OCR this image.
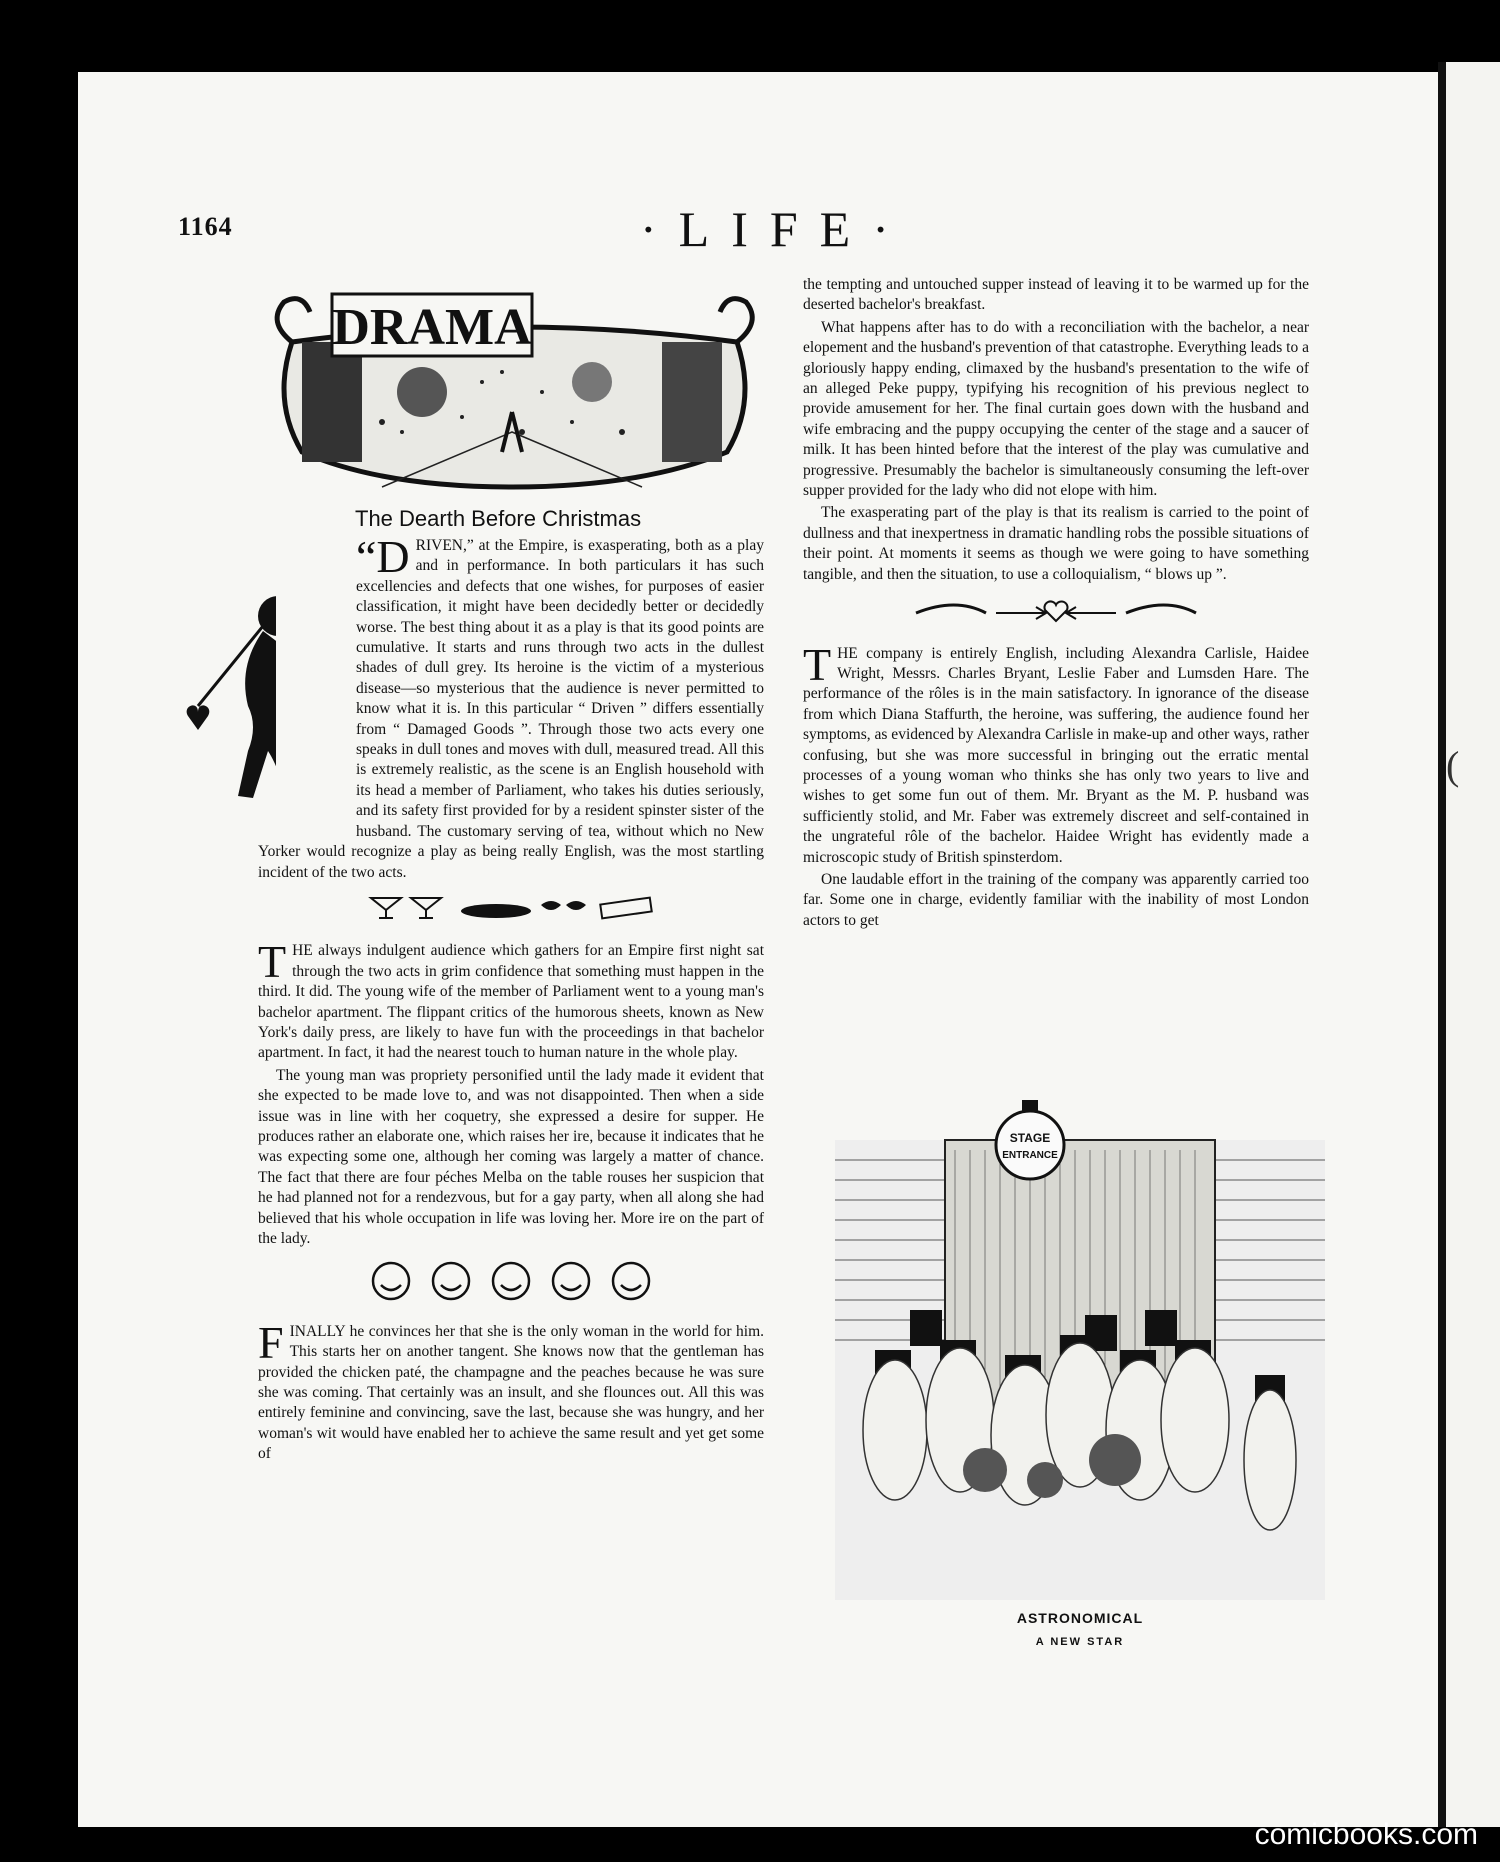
(
1164	·LIFE·
DRAMA
The Dearth Before Christmas

“DRIVEN,” at the Empire, is exasperating, both as a play and in performance. In both particulars it has such excellencies and defects that one wishes, for purposes of easier classification, it might have been decidedly better or decidedly worse. The best thing about it as a play is that its good points are cumulative. It starts and runs through two acts in the dullest shades of dull grey. Its heroine is the victim of a mysterious disease—so mysterious that the audience is never permitted to know what it is. In this particular “ Driven ” differs essentially from “ Damaged Goods ”. Through those two acts every one speaks in dull tones and moves with dull, measured tread. All this is extremely realistic, as the scene is an English household with its head a member of Parliament, who takes his duties seriously, and its safety first provided for by a resident spinster sister of the husband. The customary serving of tea, without which no New Yorker would recognize a play as being really English, was the most startling incident of the two acts.

THE always indulgent audience which gathers for an Empire first night sat through the two acts in grim confidence that something must happen in the third. It did. The young wife of the member of Parliament went to a young man's bachelor apartment. The flippant critics of the humorous sheets, known as New York's daily press, are likely to have fun with the proceedings in that bachelor apartment. In fact, it had the nearest touch to human nature in the whole play.

The young man was propriety personified until the lady made it evident that she expected to be made love to, and was not disappointed. Then when a side issue was in line with her coquetry, she expressed a desire for supper. He produces rather an elaborate one, which raises her ire, because it indicates that he was expecting some one, although her coming was largely a matter of chance. The fact that there are four péches Melba on the table rouses her suspicion that he had planned not for a rendezvous, but for a gay party, when all along she had believed that his whole occupation in life was loving her. More ire on the part of the lady.

FINALLY he convinces her that she is the only woman in the world for him. This starts her on another tangent. She knows now that the gentleman has provided the chicken paté, the champagne and the peaches because he was sure she was coming. That certainly was an insult, and she flounces out. All this was entirely feminine and convincing, save the last, because she was hungry, and her woman's wit would have enabled her to achieve the same result and yet get some of

the tempting and untouched supper instead of leaving it to be warmed up for the deserted bachelor's breakfast.

What happens after has to do with a reconciliation with the bachelor, a near elopement and the husband's prevention of that catastrophe. Everything leads to a gloriously happy ending, climaxed by the husband's presentation to the wife of an alleged Peke puppy, typifying his recognition of his previous neglect to provide amusement for her. The final curtain goes down with the husband and wife embracing and the puppy occupying the center of the stage and a saucer of milk. It has been hinted before that the interest of the play was cumulative and progressive. Presumably the bachelor is simultaneously consuming the left-over supper provided for the lady who did not elope with him.

The exasperating part of the play is that its realism is carried to the point of dullness and that inexpertness in dramatic handling robs the possible situations of their point. At moments it seems as though we were going to have something tangible, and then the situation, to use a colloquialism, “ blows up ”.

THE company is entirely English, including Alexandra Carlisle, Haidee Wright, Messrs. Charles Bryant, Leslie Faber and Lumsden Hare. The performance of the rôles is in the main satisfactory. In ignorance of the disease from which Diana Staffurth, the heroine, was suffering, the audience found her symptoms, as evidenced by Alexandra Carlisle in make-up and other ways, rather confusing, but she was more successful in bringing out the erratic mental processes of a young woman who thinks she has only two years to live and wishes to get some fun out of them. Mr. Bryant as the M. P. husband was sufficiently stolid, and Mr. Faber was extremely discreet and self-contained in the ungrateful rôle of the bachelor. Haidee Wright has evidently made a microscopic study of British spinsterdom.

One laudable effort in the training of the company was apparently carried too far. Some one in charge, evidently familiar with the inability of most London actors to get

STAGE
ENTRANCE
ASTRONOMICAL
A NEW STAR
comicbooks.com
